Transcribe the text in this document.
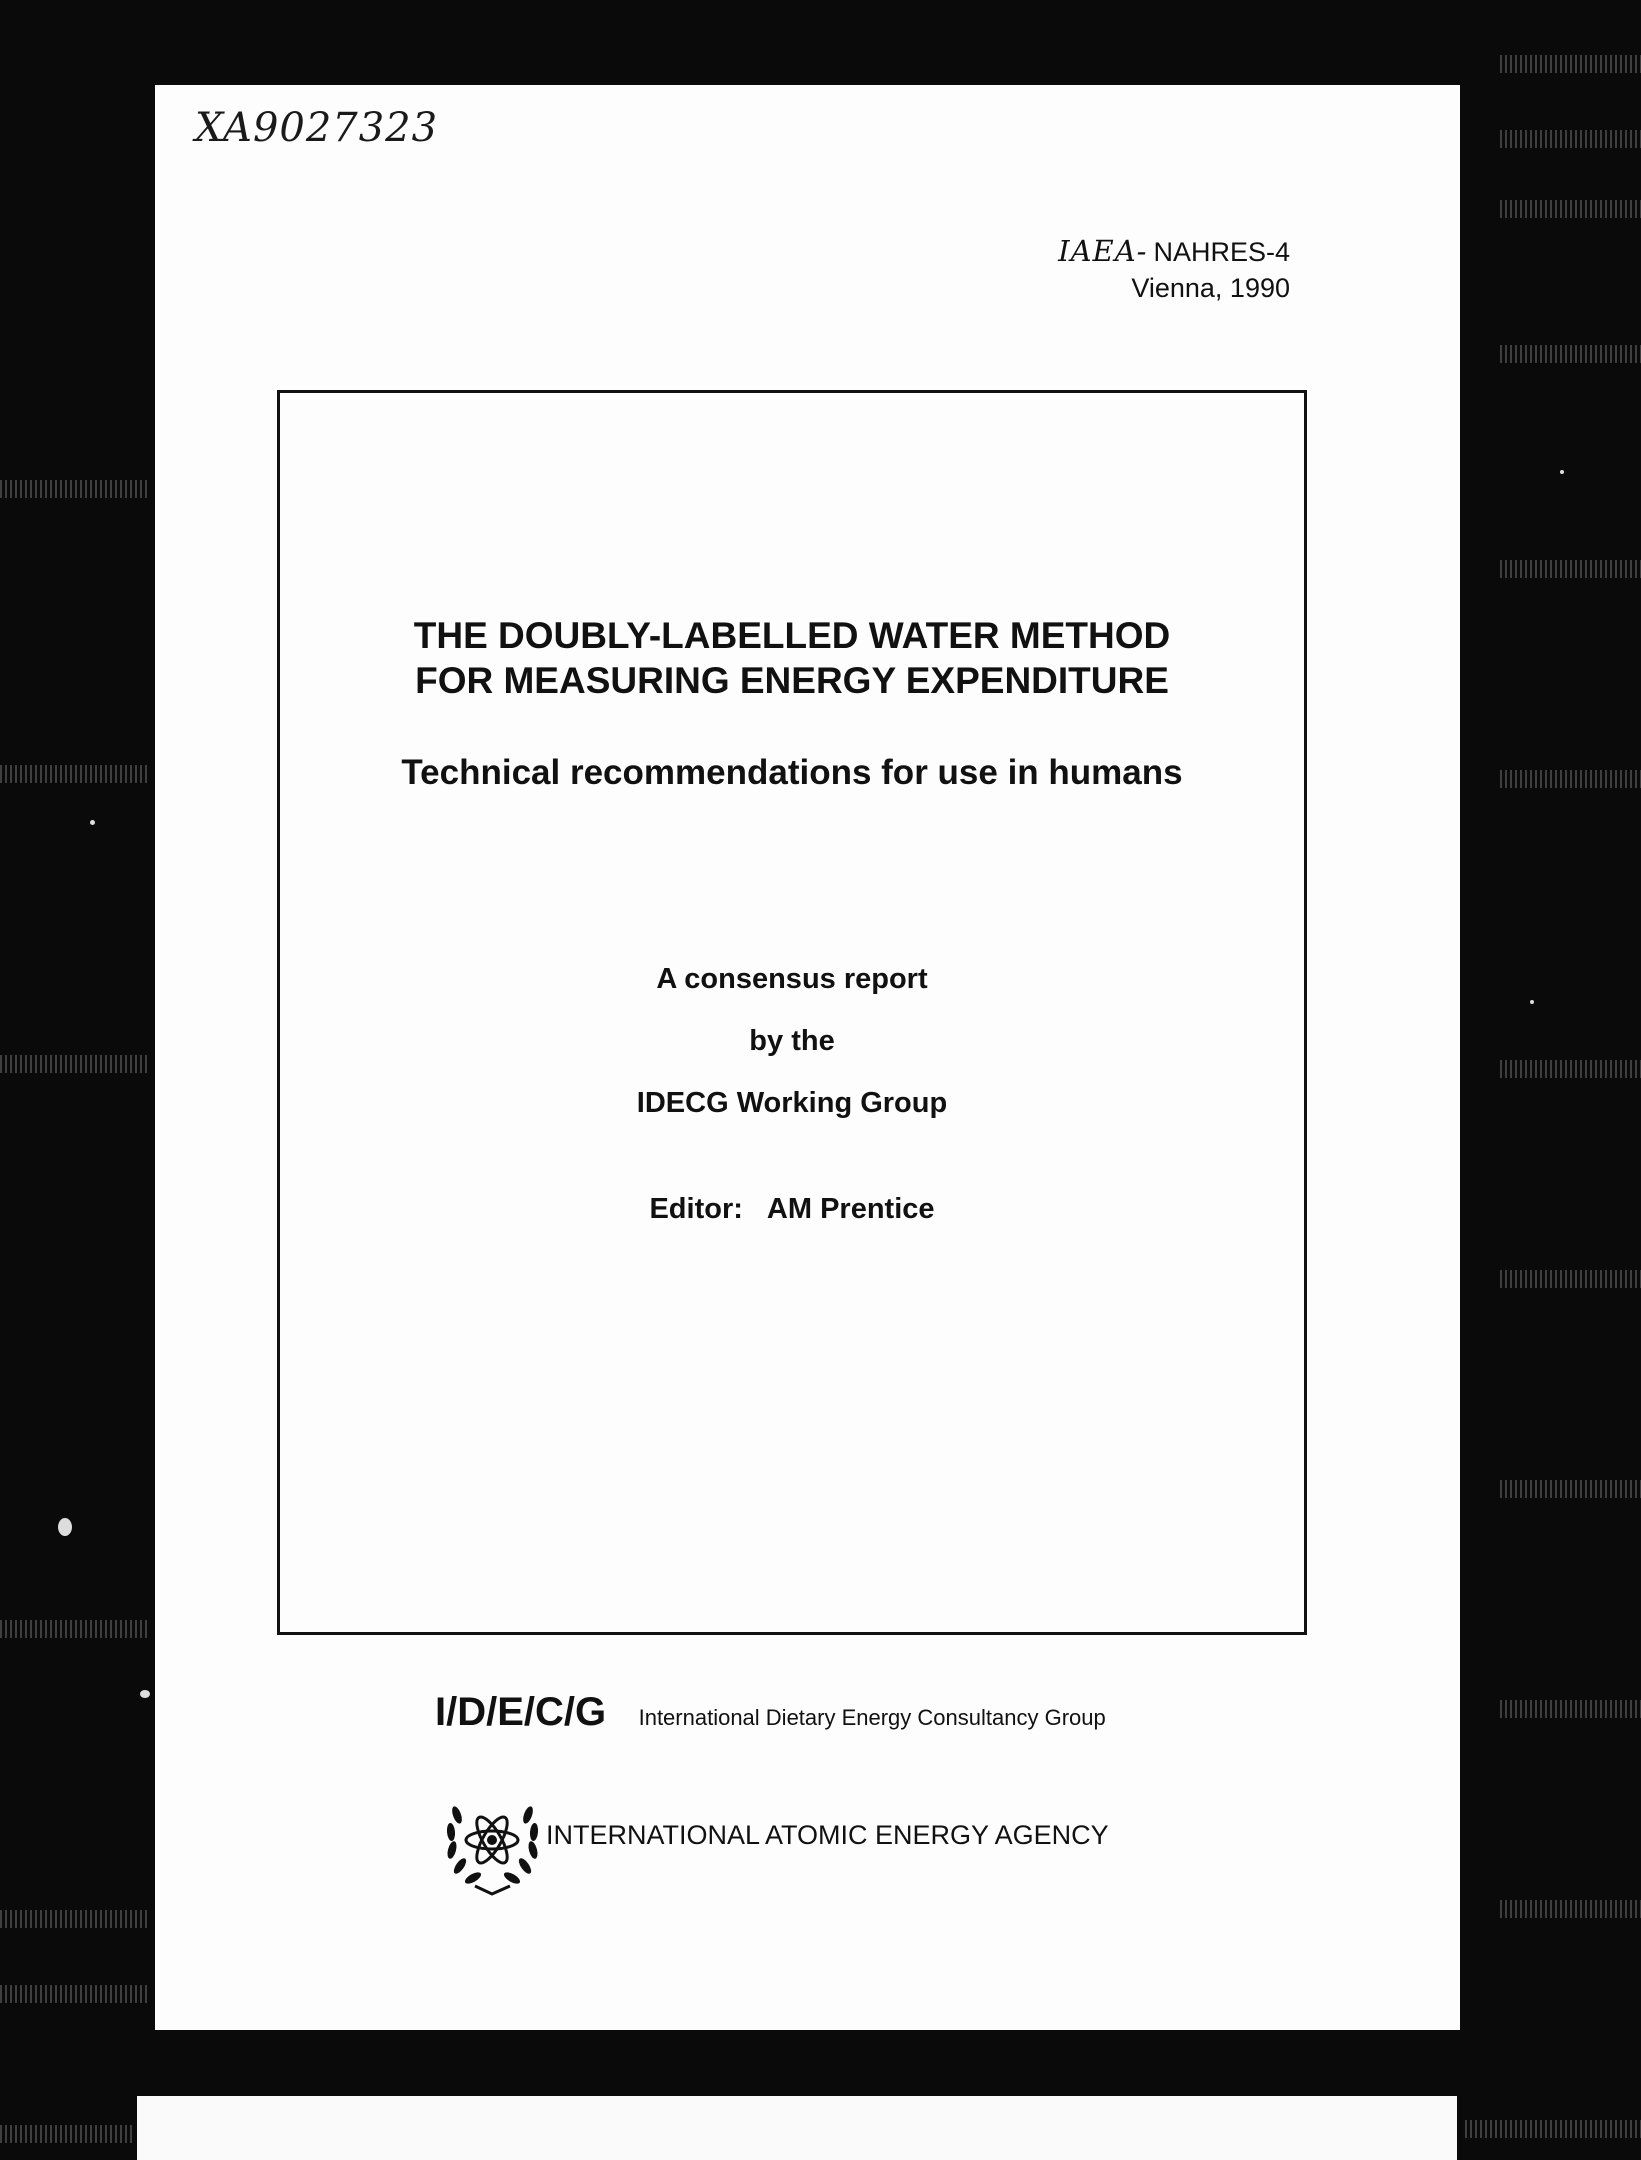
XA9027323
IAEA- NAHRES-4
Vienna, 1990
THE DOUBLY-LABELLED WATER METHOD
FOR MEASURING ENERGY EXPENDITURE
Technical recommendations for use in humans
A consensus report
by the
IDECG Working Group
Editor: AM Prentice
I/D/E/C/G International Dietary Energy Consultancy Group
INTERNATIONAL ATOMIC ENERGY AGENCY
